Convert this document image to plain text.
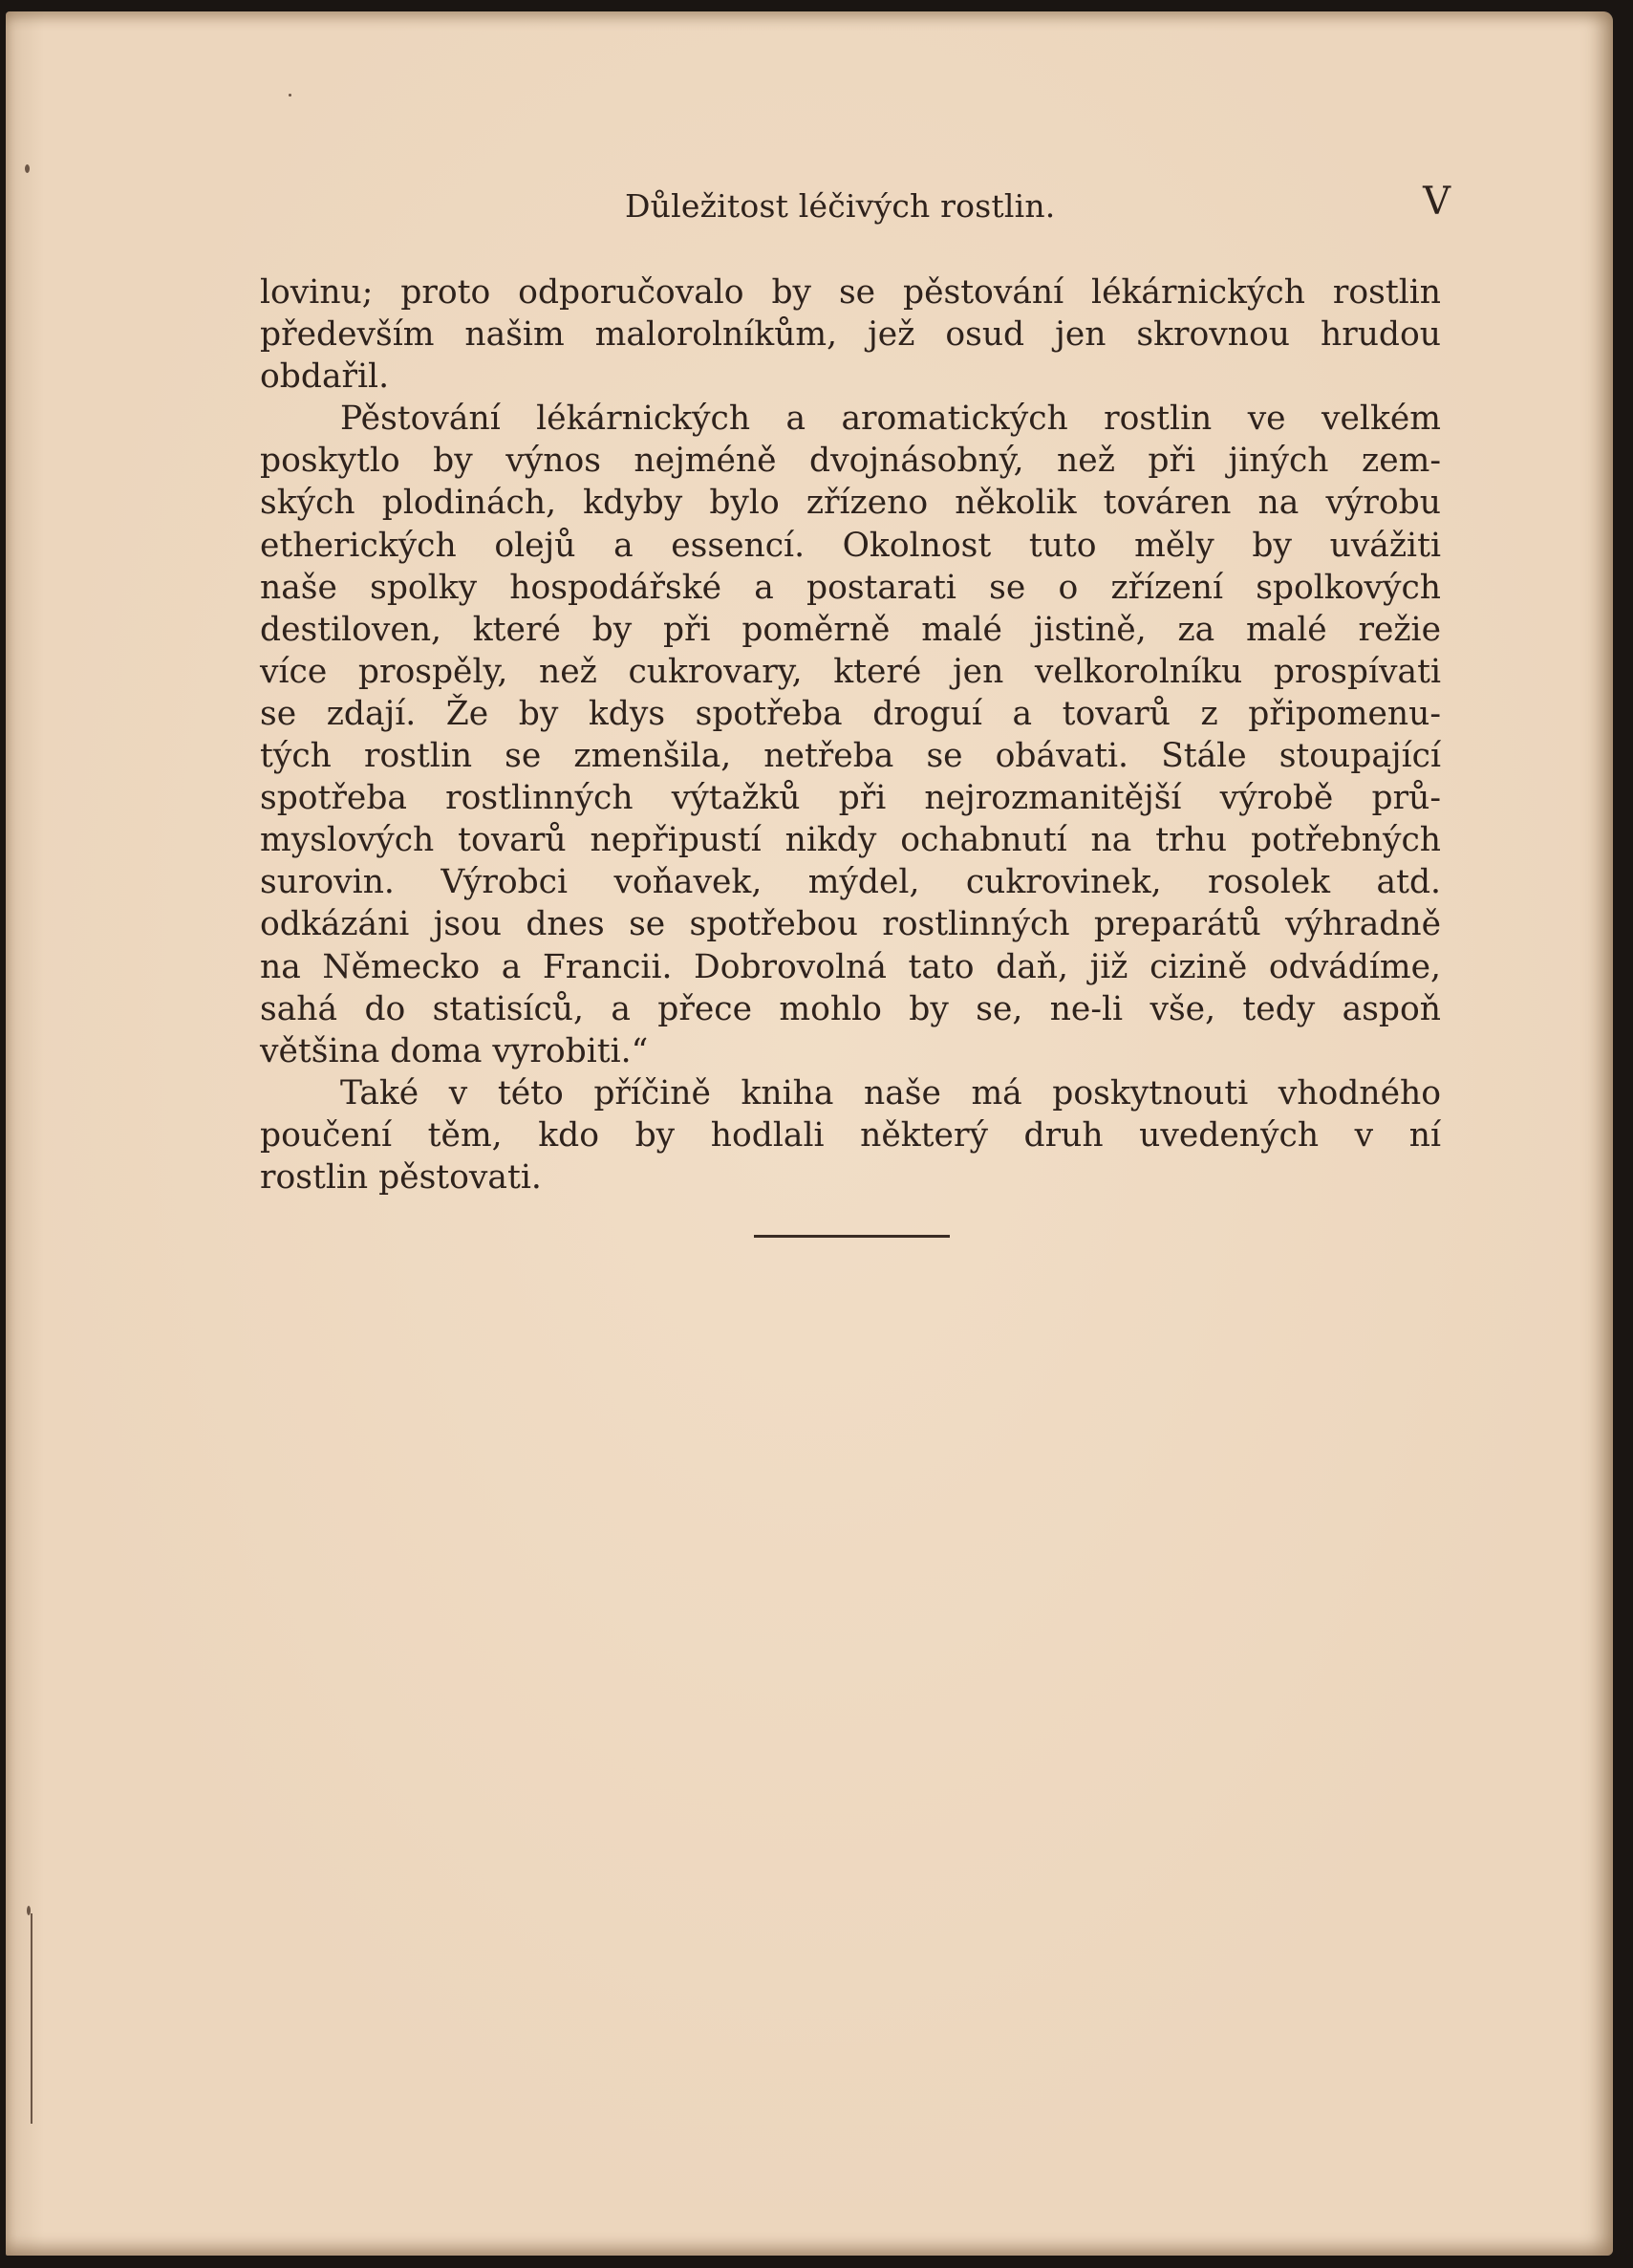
Důležitost léčivých rostlin.	V
lovinu; proto odporučovalo by se pěstování lékárnických rostlin
především našim malorolníkům, jež osud jen skrovnou hrudou
obdařil.
Pěstování lékárnických a aromatických rostlin ve velkém
poskytlo by výnos nejméně dvojnásobný, než při jiných zem-
ských plodinách, kdyby bylo zřízeno několik továren na výrobu
etherických olejů a essencí. Okolnost tuto měly by uvážiti
naše spolky hospodářské a postarati se o zřízení spolkových
destiloven, které by při poměrně malé jistině, za malé režie
více prospěly, než cukrovary, které jen velkorolníku prospívati
se zdají. Že by kdys spotřeba droguí a tovarů z připomenu-
tých rostlin se zmenšila, netřeba se obávati. Stále stoupající
spotřeba rostlinných výtažků při nejrozmanitější výrobě prů-
myslových tovarů nepřipustí nikdy ochabnutí na trhu potřebných
surovin. Výrobci voňavek, mýdel, cukrovinek, rosolek atd.
odkázáni jsou dnes se spotřebou rostlinných preparátů výhradně
na Německo a Francii. Dobrovolná tato daň, již cizině odvádíme,
sahá do statisíců, a přece mohlo by se, ne-li vše, tedy aspoň
většina doma vyrobiti.“
Také v této příčině kniha naše má poskytnouti vhodného
poučení těm, kdo by hodlali některý druh uvedených v ní
rostlin pěstovati.
